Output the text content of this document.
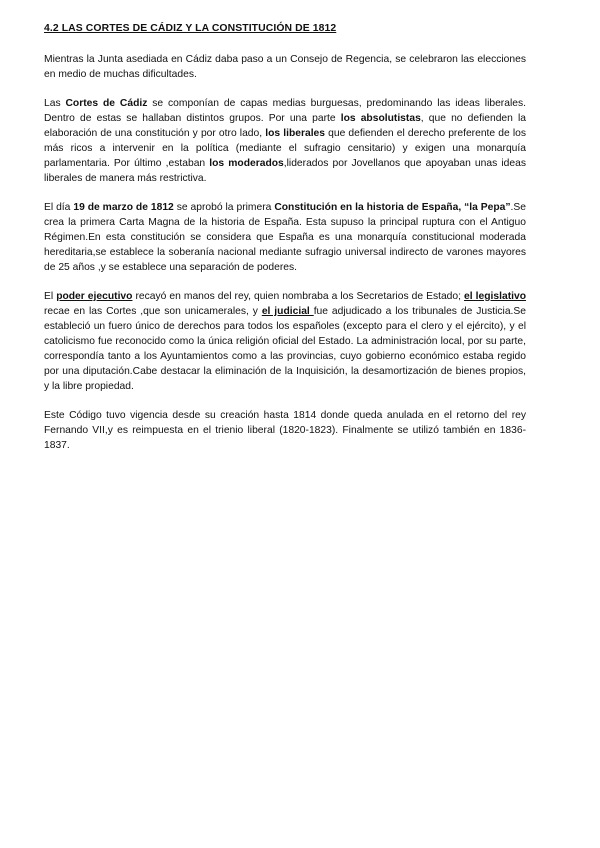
4.2 LAS CORTES DE CÁDIZ Y LA CONSTITUCIÓN DE 1812

Mientras la Junta asediada en Cádiz daba paso a un Consejo de Regencia, se celebraron las elecciones en medio de muchas dificultades.

Las Cortes de Cádiz se componían de capas medias burguesas, predominando las ideas liberales. Dentro de estas se hallaban distintos grupos. Por una parte los absolutistas, que no defienden la elaboración de una constitución y por otro lado, los liberales que defienden el derecho preferente de los más ricos a intervenir en la política (mediante el sufragio censitario) y exigen una monarquía parlamentaria. Por último ,estaban los moderados,liderados por Jovellanos que apoyaban unas ideas liberales de manera más restrictiva.

El día 19 de marzo de 1812 se aprobó la primera Constitución en la historia de España, “la Pepa”.Se crea la primera Carta Magna de la historia de España. Esta supuso la principal ruptura con el Antiguo Régimen.En esta constitución se considera que España es una monarquía constitucional moderada hereditaria,se establece la soberanía nacional mediante sufragio universal indirecto de varones mayores de 25 años ,y se establece una separación de poderes.

El poder ejecutivo recayó en manos del rey, quien nombraba a los Secretarios de Estado; el legislativo recae en las Cortes ,que son unicamerales, y el judicial fue adjudicado a los tribunales de Justicia.Se estableció un fuero único de derechos para todos los españoles (excepto para el clero y el ejército), y el catolicismo fue reconocido como la única religión oficial del Estado. La administración local, por su parte, correspondía tanto a los Ayuntamientos como a las provincias, cuyo gobierno económico estaba regido por una diputación.Cabe destacar la eliminación de la Inquisición, la desamortización de bienes propios, y la libre propiedad.

Este Código tuvo vigencia desde su creación hasta 1814 donde queda anulada en el retorno del rey Fernando VII,y es reimpuesta en el trienio liberal (1820-1823). Finalmente se utilizó también en 1836-1837.
